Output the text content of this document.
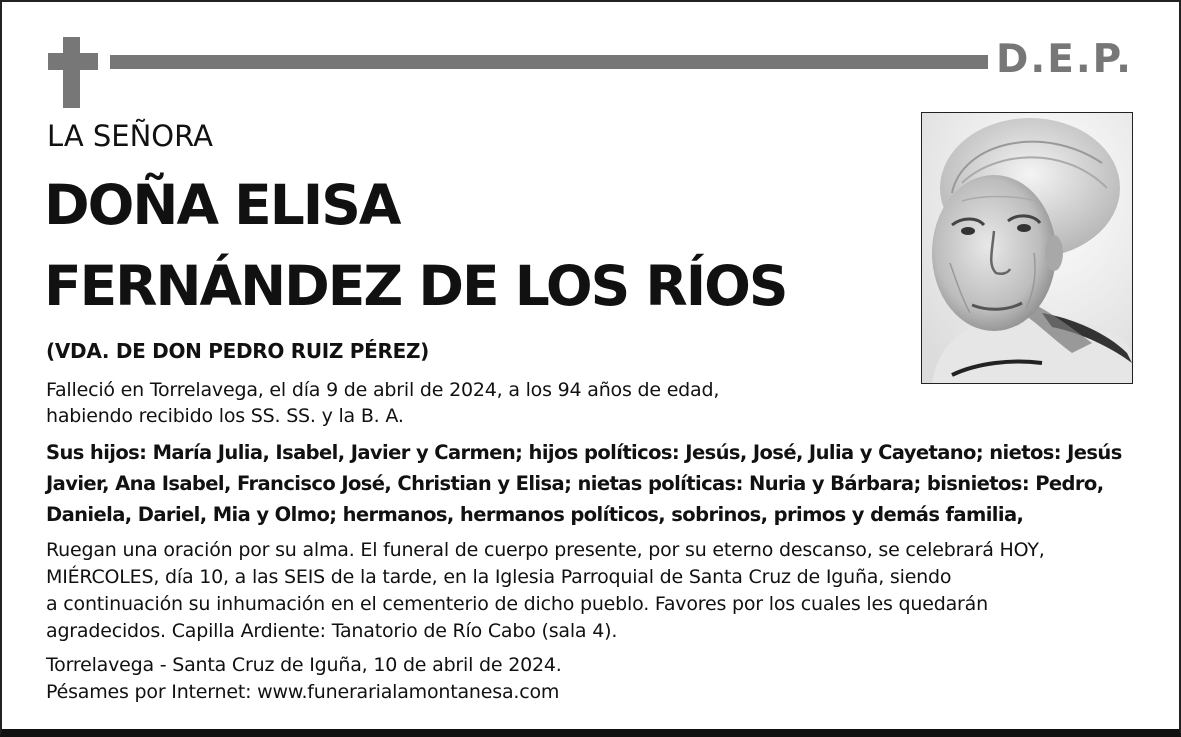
D.E.P.
LA SEÑORA
DOÑA ELISA
FERNÁNDEZ DE LOS RÍOS
(VDA. DE DON PEDRO RUIZ PÉREZ)
Falleció en Torrelavega, el día 9 de abril de 2024, a los 94 años de edad,
habiendo recibido los SS. SS. y la B. A.
Sus hijos: María Julia, Isabel, Javier y Carmen; hijos políticos: Jesús, José, Julia y Cayetano; nietos: Jesús
Javier, Ana Isabel, Francisco José, Christian y Elisa; nietas políticas: Nuria y Bárbara; bisnietos: Pedro,
Daniela, Dariel, Mia y Olmo; hermanos, hermanos políticos, sobrinos, primos y demás familia,
Ruegan una oración por su alma. El funeral de cuerpo presente, por su eterno descanso, se celebrará HOY,
MIÉRCOLES, día 10, a las SEIS de la tarde, en la Iglesia Parroquial de Santa Cruz de Iguña, siendo
a continuación su inhumación en el cementerio de dicho pueblo. Favores por los cuales les quedarán
agradecidos. Capilla Ardiente: Tanatorio de Río Cabo (sala 4).
Torrelavega - Santa Cruz de Iguña, 10 de abril de 2024.
Pésames por Internet: www.funerarialamontanesa.com
